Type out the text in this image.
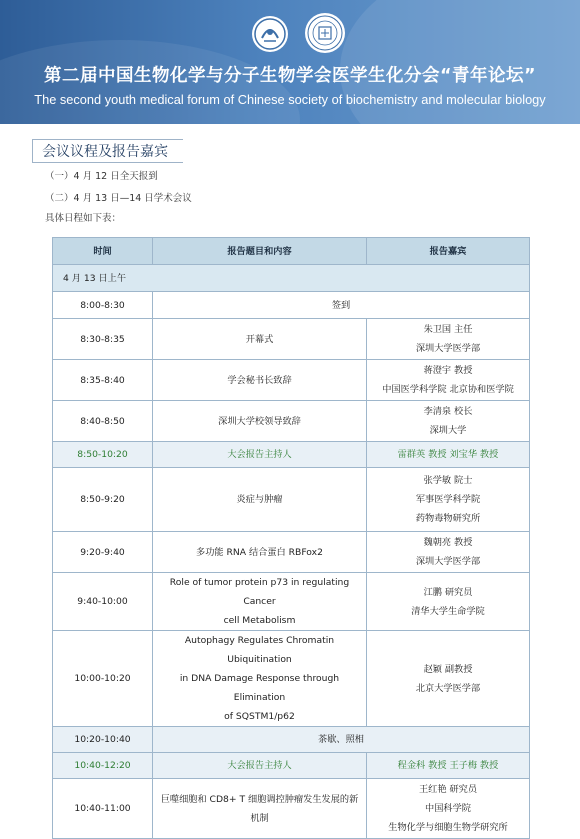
第二届中国生物化学与分子生物学会医学生化分会“青年论坛”
The second youth medical forum of Chinese society of biochemistry and molecular biology
会议议程及报告嘉宾
（一）4 月 12 日全天报到
（二）4 月 13 日—14 日学术会议
具体日程如下表：
时间	报告题目和内容	报告嘉宾
4 月 13 日上午		
8:00-8:30	签到	
8:30-8:35	开幕式	朱卫国 主任
深圳大学医学部

8:35-8:40	学会秘书长致辞	蒋澄宇 教授
中国医学科学院 北京协和医学院

8:40-8:50	深圳大学校领导致辞	李清泉 校长
深圳大学

8:50-10:20	大会报告主持人	雷群英 教授 刘宝华 教授

8:50-9:20	炎症与肿瘤	张学敏 院士
军事医学科学院
药物毒物研究所

9:20-9:40	多功能 RNA 结合蛋白 RBFox2	魏朝亮 教授
深圳大学医学部

9:40-10:00	Role of tumor protein p73 in regulating Cancer
cell Metabolism	江鹏 研究员
清华大学生命学院

10:00-10:20	Autophagy Regulates Chromatin Ubiquitination
in DNA Damage Response through Elimination
of SQSTM1/p62	赵颖 副教授
北京大学医学部

10:20-10:40	茶歇、照相	
10:40-12:20	大会报告主持人	程金科 教授 王子梅 教授

10:40-11:00	巨噬细胞和 CD8+ T 细胞调控肿瘤发生发展的新
机制	王红艳 研究员
中国科学院
生物化学与细胞生物学研究所
